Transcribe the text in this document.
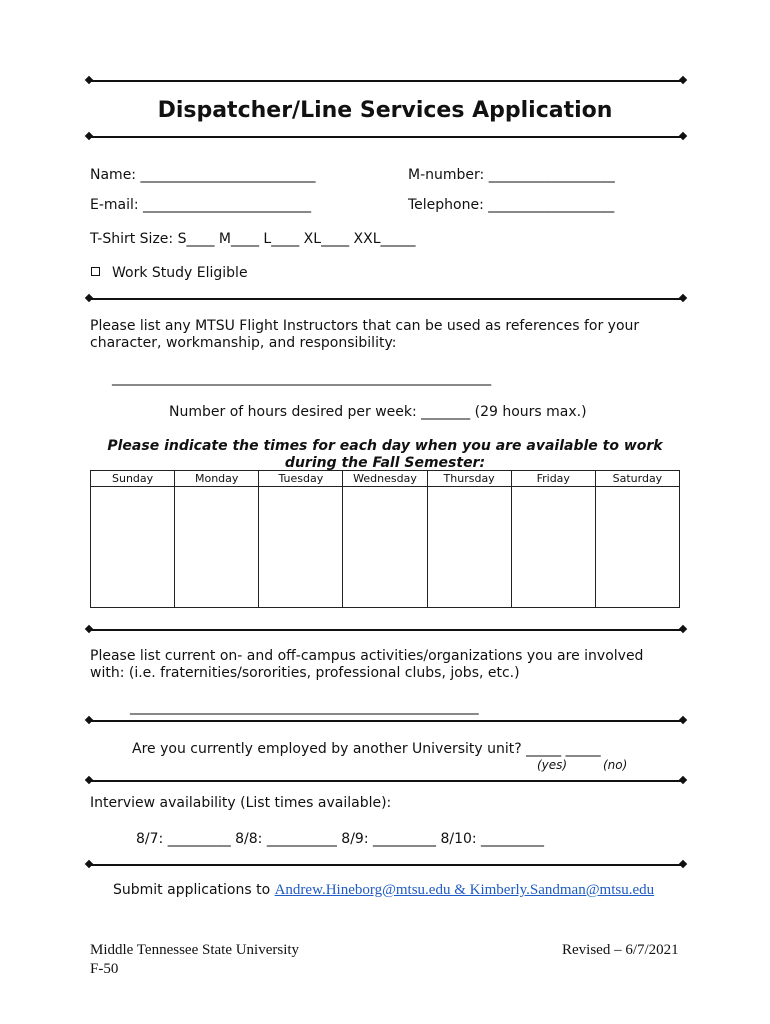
Dispatcher/Line Services Application
Name: _________________________	M-number: __________________
E-mail: ________________________	Telephone: __________________
T-Shirt Size: S____ M____ L____ XL____ XXL_____
Work Study Eligible
Please list any MTSU Flight Instructors that can be used as references for your
character, workmanship, and responsibility:
______________________________________________________________
Number of hours desired per week: _______ (29 hours max.)
Please indicate the times for each day when you are available to work
during the Fall Semester:
Sunday	Monday	Tuesday	Wednesday	Thursday	Friday	Saturday

Please list current on- and off-campus activities/organizations you are involved
with: (i.e. fraternities/sororities, professional clubs, jobs, etc.)
_________________________________________________________
Are you currently employed by another University unit? _____ _____
(yes)	(no)
Interview availability (List times available):
8/7: _________ 8/8: __________ 8/9: _________ 8/10: _________
Submit applications to Andrew.Hineborg@mtsu.edu & Kimberly.Sandman@mtsu.edu
Middle Tennessee State University
F-50
Revised – 6/7/2021
